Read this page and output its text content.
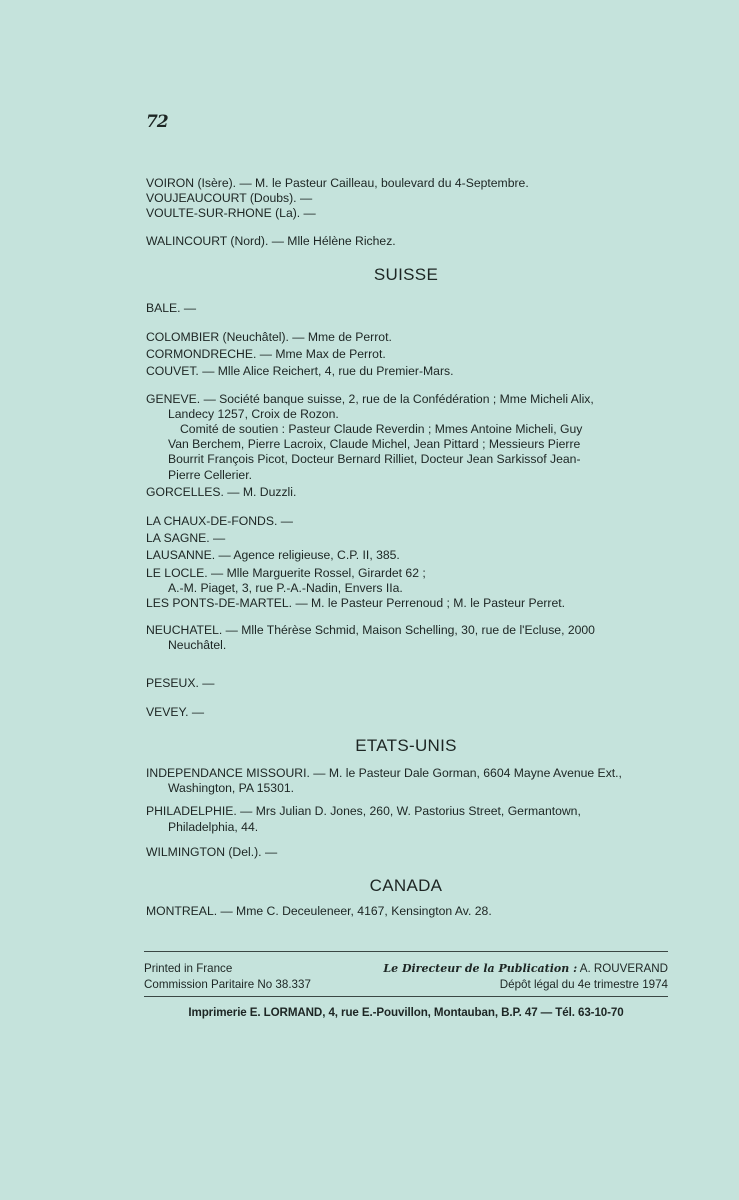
72
VOIRON (Isère). — M. le Pasteur Cailleau, boulevard du 4-Septembre.
VOUJEAUCOURT (Doubs). —
VOULTE-SUR-RHONE (La). —
WALINCOURT (Nord). — Mlle Hélène Richez.
SUISSE
BALE. —
COLOMBIER (Neuchâtel). — Mme de Perrot.
CORMONDRECHE. — Mme Max de Perrot.
COUVET. — Mlle Alice Reichert, 4, rue du Premier-Mars.
GENEVE. — Société banque suisse, 2, rue de la Confédération ; Mme Micheli Alix,
Landecy 1257, Croix de Rozon.
Comité de soutien : Pasteur Claude Reverdin ; Mmes Antoine Micheli, Guy
Van Berchem, Pierre Lacroix, Claude Michel, Jean Pittard ; Messieurs Pierre
Bourrit François Picot, Docteur Bernard Rilliet, Docteur Jean Sarkissof Jean-
Pierre Cellerier.
GORCELLES. — M. Duzzli.
LA CHAUX-DE-FONDS. —
LA SAGNE. —
LAUSANNE. — Agence religieuse, C.P. II, 385.
LE LOCLE. — Mlle Marguerite Rossel, Girardet 62 ;
A.-M. Piaget, 3, rue P.-A.-Nadin, Envers IIa.
LES PONTS-DE-MARTEL. — M. le Pasteur Perrenoud ; M. le Pasteur Perret.
NEUCHATEL. — Mlle Thérèse Schmid, Maison Schelling, 30, rue de l'Ecluse, 2000
Neuchâtel.
PESEUX. —
VEVEY. —
ETATS-UNIS
INDEPENDANCE MISSOURI. — M. le Pasteur Dale Gorman, 6604 Mayne Avenue Ext.,
Washington, PA 15301.
PHILADELPHIE. — Mrs Julian D. Jones, 260, W. Pastorius Street, Germantown,
Philadelphia, 44.
WILMINGTON (Del.). —
CANADA
MONTREAL. — Mme C. Deceuleneer, 4167, Kensington Av. 28.
Printed in France
Commission Paritaire No 38.337
Le Directeur de la Publication : A. ROUVERAND
Dépôt légal du 4e trimestre 1974
Imprimerie E. LORMAND, 4, rue E.-Pouvillon, Montauban, B.P. 47 — Tél. 63-10-70
